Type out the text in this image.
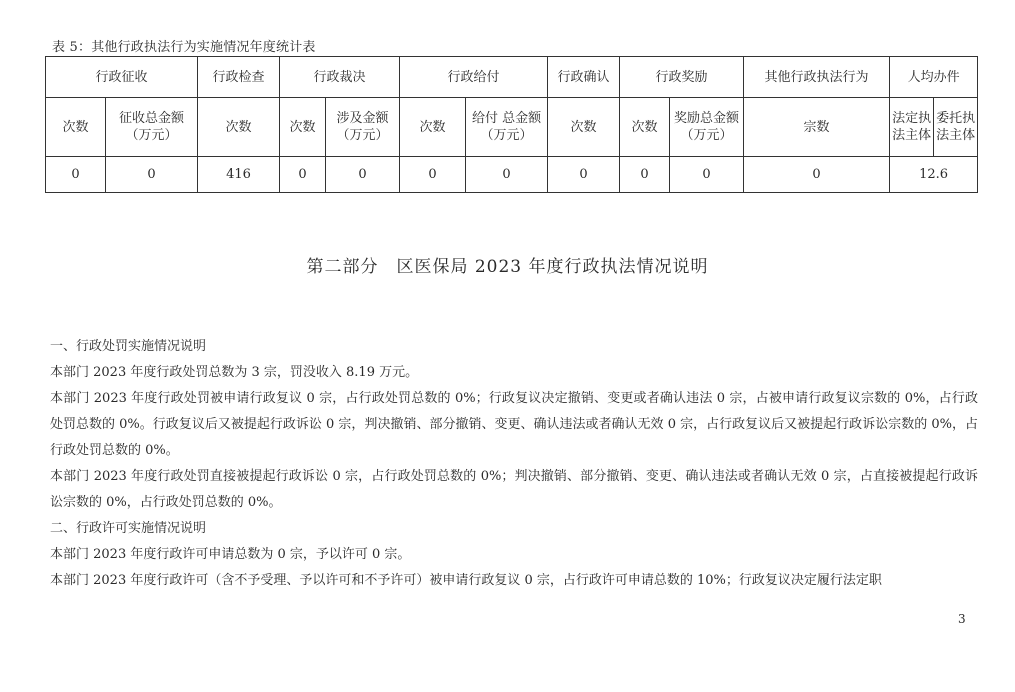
表 5：其他行政执法行为实施情况年度统计表
行政征收		行政检查	行政裁决		行政给付		行政确认	行政奖励		其他行政执法行为	人均办件	
次数	征收总金额（万元）	次数	次数	涉及金额（万元）	次数	给付 总金额（万元）	次数	次数	奖励总金额（万元）	宗数	法定执法主体	委托执法主体
0	0	416	0	0	0	0	0	0	0	0	12.6	
第二部分　区医保局 2023 年度行政执法情况说明

一、行政处罚实施情况说明

本部门 2023 年度行政处罚总数为 3 宗，罚没收入 8.19 万元。

本部门 2023 年度行政处罚被申请行政复议 0 宗，占行政处罚总数的 0%；行政复议决定撤销、变更或者确认违法 0 宗，占被申请行政复议宗数的 0%，占行政处罚总数的 0%。行政复议后又被提起行政诉讼 0 宗，判决撤销、部分撤销、变更、确认违法或者确认无效 0 宗，占行政复议后又被提起行政诉讼宗数的 0%，占行政处罚总数的 0%。

本部门 2023 年度行政处罚直接被提起行政诉讼 0 宗，占行政处罚总数的 0%；判决撤销、部分撤销、变更、确认违法或者确认无效 0 宗，占直接被提起行政诉讼宗数的 0%，占行政处罚总数的 0%。

二、行政许可实施情况说明

本部门 2023 年度行政许可申请总数为 0 宗，予以许可 0 宗。

本部门 2023 年度行政许可（含不予受理、予以许可和不予许可）被申请行政复议 0 宗，占行政许可申请总数的 10%；行政复议决定履行法定职

3
